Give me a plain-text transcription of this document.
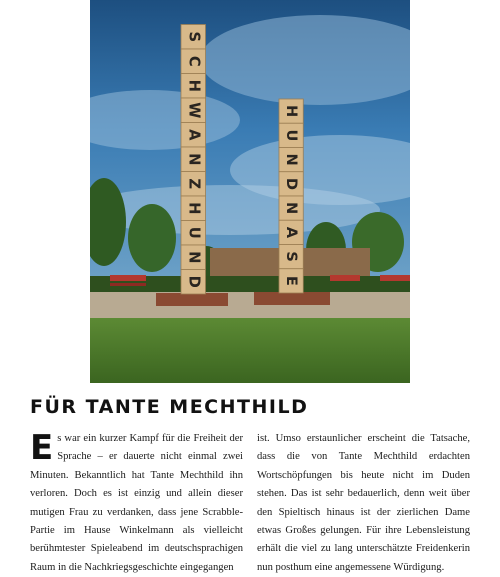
S
C
H
W
A
N
Z
H
U
N
D
H
U
N
D
N
A
S
E
FÜR TANTE MECHTHILD

Es war ein kurzer Kampf für die Freiheit der Sprache – er dauerte nicht einmal zwei Minuten. Bekanntlich hat Tante Mechthild ihn verloren. Doch es ist einzig und allein dieser mutigen Frau zu verdanken, dass jene Scrabble-Partie im Hause Winkelmann als vielleicht berühmtester Spieleabend im deutschsprachigen Raum in die Nachkriegsgeschichte eingegangen

ist. Umso erstaunlicher erscheint die Tatsache, dass die von Tante Mechthild erdachten Wortschöpfungen bis heute nicht im Duden stehen. Das ist sehr bedauerlich, denn weit über den Spieltisch hinaus ist der zierlichen Dame etwas Großes gelungen. Für ihre Lebensleistung erhält die viel zu lang unterschätzte Freidenkerin nun posthum eine angemessene Würdigung.
